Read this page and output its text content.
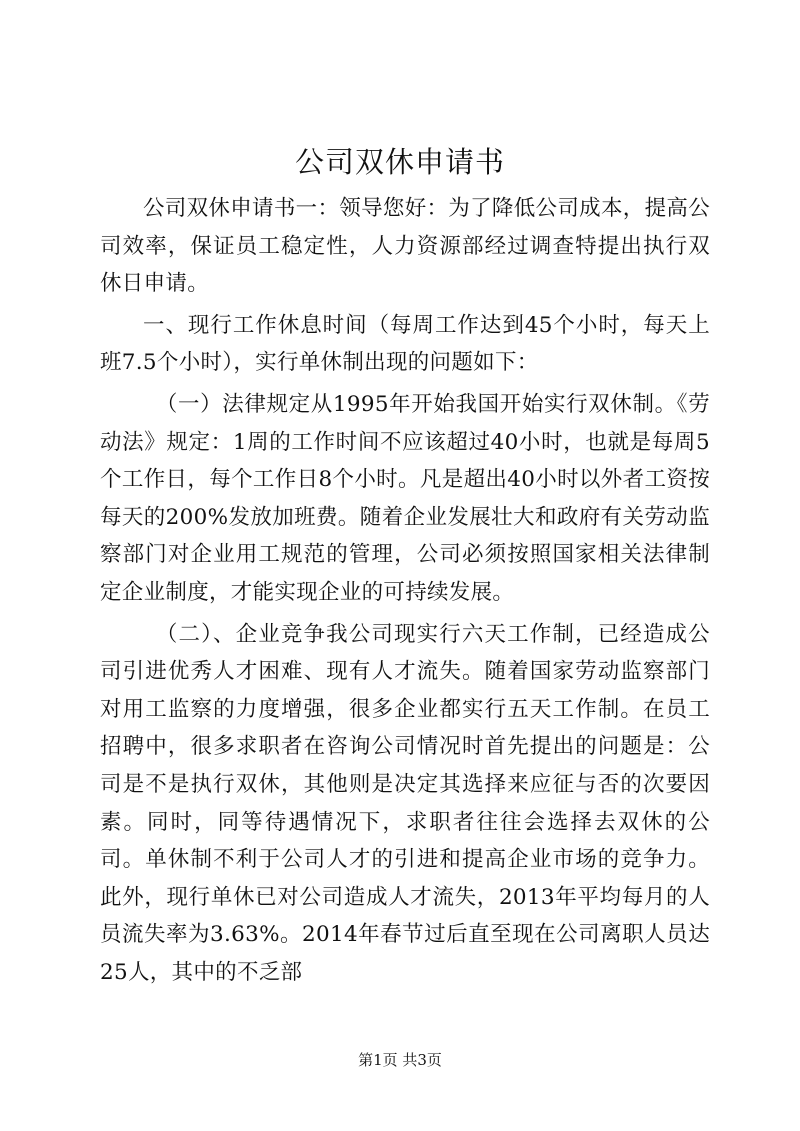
公司双休申请书

公司双休申请书一：领导您好：为了降低公司成本，提高公司效率，保证员工稳定性，人力资源部经过调查特提出执行双休日申请。

一、现行工作休息时间（每周工作达到45个小时，每天上班7.5个小时），实行单休制出现的问题如下：

（一）法律规定从1995年开始我国开始实行双休制。《劳动法》规定：1周的工作时间不应该超过40小时，也就是每周5个工作日，每个工作日8个小时。凡是超出40小时以外者工资按每天的200%发放加班费。随着企业发展壮大和政府有关劳动监察部门对企业用工规范的管理，公司必须按照国家相关法律制定企业制度，才能实现企业的可持续发展。

（二）、企业竞争我公司现实行六天工作制，已经造成公司引进优秀人才困难、现有人才流失。随着国家劳动监察部门对用工监察的力度增强，很多企业都实行五天工作制。在员工招聘中，很多求职者在咨询公司情况时首先提出的问题是：公司是不是执行双休，其他则是决定其选择来应征与否的次要因素。同时，同等待遇情况下，求职者往往会选择去双休的公司。单休制不利于公司人才的引进和提高企业市场的竞争力。此外，现行单休已对公司造成人才流失，2013年平均每月的人员流失率为3.63%。2014年春节过后直至现在公司离职人员达25人，其中的不乏部

第1页 共3页
